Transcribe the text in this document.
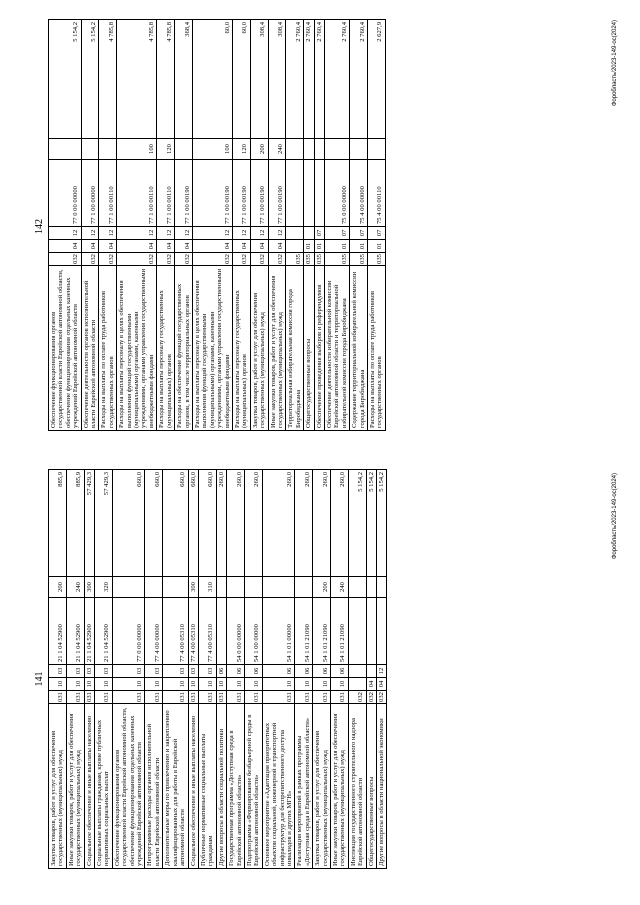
141
Закупка товаров, работ и услуг для обеспечения государственных (муниципальных) нужд	031	10	03	21 1 04 52900	200	885,9
Иные закупки товаров, работ и услуг для обеспечения государственных (муниципальных) нужд	031	10	03	21 1 04 52900	240	885,9
Социальное обеспечение и иные выплаты населению	031	10	03	21 1 04 52900	300	57 429,3
Социальные выплаты гражданам, кроме публичных нормативных социальных выплат	031	10	03	21 1 04 52900	320	57 429,3
Обеспечение функционирования органов государственной власти Еврейской автономной области, обеспечение функционирования отдельных казенных учреждений Еврейской автономной области	031	10	03	77 0 00 00000		660,0
Непрограммные расходы органов исполнительной власти Еврейской автономной области	031	10	03	77 4 00 00000		660,0
Дополнительные меры по привлечению и закреплению квалифицированных для работы в Еврейской автономной области	031	10	03	77 4 00 05310		660,0
Социальное обеспечение и иные выплаты населению	031	10	03	77 4 00 05310	300	660,0
Публичные нормативные социальные выплаты гражданам	031	10	03	77 4 00 05310	310	660,0
Другие вопросы в области социальной политики	031	10	06			260,0
Государственная программа «Доступная среда в Еврейской автономной области»	031	10	06	54 0 00 00000		260,0
Подпрограмма «Формирование безбарьерной среды в Еврейской автономной области»	031	10	06	54 1 00 00000		260,0
Основное мероприятие «Адаптация приоритетных объектов социальной, инженерной и транспортной инфраструктур для беспрепятственного доступа инвалидов и других МГН»	031	10	06	54 1 01 00000		260,0
Реализация мероприятий в рамках программы «Доступная среда в Еврейской автономной области»	031	10	06	54 1 01 21090		260,0
Закупка товаров, работ и услуг для обеспечения государственных (муниципальных) нужд	031	10	06	54 1 01 21090	200	260,0
Иные закупки товаров, работ и услуг для обеспечения государственных (муниципальных) нужд	031	10	06	54 1 01 21090	240	260,0
Инспекция государственного строительного надзора Еврейской автономной области	032					5 154,2
Общегосударственные вопросы	032	04				5 154,2
Другие вопросы в области национальной экономики	032	04	12			5 154,2	Форобласть/2023-149-ос(2024)
142
Обеспечение функционирования органов государственной власти Еврейской автономной области, обеспечение функционирования отдельных казенных учреждений Еврейской автономной области	032	04	12	77 0 00 00000		5 154,2
Обеспечение деятельности органов исполнительной власти Еврейской автономной области	032	04	12	77 1 00 00000		5 154,2
Расходы на выплаты по оплате труда работников государственных органов	032	04	12	77 1 00 00110		4 785,8
Расходы на выплаты персоналу в целях обеспечения выполнения функций государственными (муниципальными) органами, казенными учреждениями, органами управления государственными внебюджетными фондами	032	04	12	77 1 00 00110	100	4 785,8
Расходы на выплаты персоналу государственных (муниципальных) органов	032	04	12	77 1 00 00110	120	4 785,8
Расходы на обеспечение функций государственных органов, в том числе территориальных органов	032	04	12	77 1 00 00190		368,4
Расходы на выплаты персоналу в целях обеспечения выполнения функций государственными (муниципальными) органами, казенными учреждениями, органами управления государственными внебюджетными фондами	032	04	12	77 1 00 00190	100	60,0
Расходы на выплаты персоналу государственных (муниципальных) органов	032	04	12	77 1 00 00190	120	60,0
Закупка товаров, работ и услуг для обеспечения государственных (муниципальных) нужд	032	04	12	77 1 00 00190	200	308,4
Иные закупки товаров, работ и услуг для обеспечения государственных (муниципальных) нужд	032	04	12	77 1 00 00190	240	308,4
Территориальная избирательная комиссия города Биробиджана	035					2 760,4
Общегосударственные вопросы	035	01				2 760,4
Обеспечение проведения выборов и референдумов	035	01	07			2 760,4
Обеспечение деятельности избирательной комиссии Еврейской автономной области и территориальной избирательной комиссии города Биробиджана	035	01	07	75 0 00 00000		2 760,4
Содержание территориальной избирательной комиссии города Биробиджана	035	01	07	75 4 00 00000		2 760,4
Расходы на выплаты по оплате труда работников государственных органов	035	01	07	75 4 00 00110		2 627,9	Форобласть/2023-149-ос(2024)
